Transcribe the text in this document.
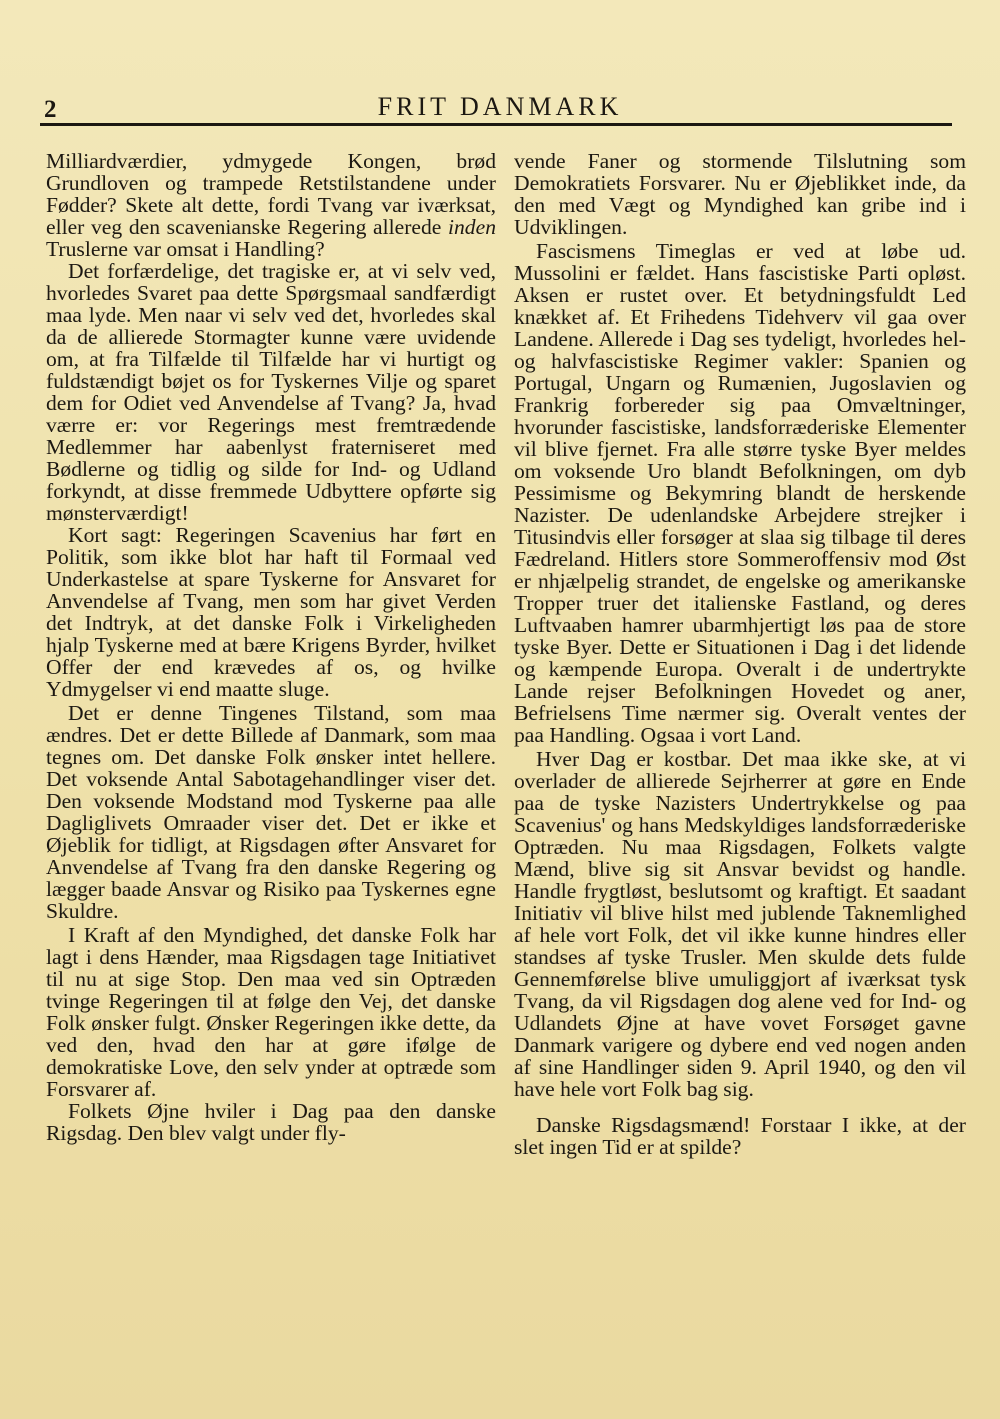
2	FRIT DANMARK

Milliardværdier, ydmygede Kongen, brød Grundloven og trampede Retstilstandene under Fødder? Skete alt dette, fordi Tvang var iværksat, eller veg den scavenianske Regering allerede inden Truslerne var omsat i Handling?

Det forfærdelige, det tragiske er, at vi selv ved, hvorledes Svaret paa dette Spørgsmaal sandfærdigt maa lyde. Men naar vi selv ved det, hvorledes skal da de allierede Stormagter kunne være uvidende om, at fra Tilfælde til Tilfælde har vi hurtigt og fuldstændigt bøjet os for Tyskernes Vilje og sparet dem for Odiet ved Anvendelse af Tvang? Ja, hvad værre er: vor Regerings mest fremtrædende Medlemmer har aabenlyst fraterniseret med Bødlerne og tidlig og silde for Ind- og Udland forkyndt, at disse fremmede Udbyttere opførte sig mønsterværdigt!

Kort sagt: Regeringen Scavenius har ført en Politik, som ikke blot har haft til Formaal ved Underkastelse at spare Tyskerne for Ansvaret for Anvendelse af Tvang, men som har givet Verden det Indtryk, at det danske Folk i Virkeligheden hjalp Tyskerne med at bære Krigens Byrder, hvilket Offer der end krævedes af os, og hvilke Ydmygelser vi end maatte sluge.

Det er denne Tingenes Tilstand, som maa ændres. Det er dette Billede af Danmark, som maa tegnes om. Det danske Folk ønsker intet hellere. Det voksende Antal Sabotagehandlinger viser det. Den voksende Modstand mod Tyskerne paa alle Dagliglivets Omraader viser det. Det er ikke et Øjeblik for tidligt, at Rigsdagen øfter Ansvaret for Anvendelse af Tvang fra den danske Regering og lægger baade Ansvar og Risiko paa Tyskernes egne Skuldre.

I Kraft af den Myndighed, det danske Folk har lagt i dens Hænder, maa Rigsdagen tage Initiativet til nu at sige Stop. Den maa ved sin Optræden tvinge Regeringen til at følge den Vej, det danske Folk ønsker fulgt. Ønsker Regeringen ikke dette, da ved den, hvad den har at gøre ifølge de demokratiske Love, den selv ynder at optræde som Forsvarer af.

Folkets Øjne hviler i Dag paa den danske Rigsdag. Den blev valgt under fly-

vende Faner og stormende Tilslutning som Demokratiets Forsvarer. Nu er Øjeblikket inde, da den med Vægt og Myndighed kan gribe ind i Udviklingen.

Fascismens Timeglas er ved at løbe ud. Mussolini er fældet. Hans fascistiske Parti opløst. Aksen er rustet over. Et betydningsfuldt Led knækket af. Et Frihedens Tidehverv vil gaa over Landene. Allerede i Dag ses tydeligt, hvorledes hel- og halvfascistiske Regimer vakler: Spanien og Portugal, Ungarn og Rumænien, Jugoslavien og Frankrig forbereder sig paa Omvæltninger, hvorunder fascistiske, landsforræderiske Elementer vil blive fjernet. Fra alle større tyske Byer meldes om voksende Uro blandt Befolkningen, om dyb Pessimisme og Bekymring blandt de herskende Nazister. De udenlandske Arbejdere strejker i Titusindvis eller forsøger at slaa sig tilbage til deres Fædreland. Hitlers store Sommeroffensiv mod Øst er nhjælpelig strandet, de engelske og amerikanske Tropper truer det italienske Fastland, og deres Luftvaaben hamrer ubarmhjertigt løs paa de store tyske Byer. Dette er Situationen i Dag i det lidende og kæmpende Europa. Overalt i de undertrykte Lande rejser Befolkningen Hovedet og aner, Befrielsens Time nærmer sig. Overalt ventes der paa Handling. Ogsaa i vort Land.

Hver Dag er kostbar. Det maa ikke ske, at vi overlader de allierede Sejrherrer at gøre en Ende paa de tyske Nazisters Undertrykkelse og paa Scavenius' og hans Medskyldiges landsforræderiske Optræden. Nu maa Rigsdagen, Folkets valgte Mænd, blive sig sit Ansvar bevidst og handle. Handle frygtløst, beslutsomt og kraftigt. Et saadant Initiativ vil blive hilst med jublende Taknemlighed af hele vort Folk, det vil ikke kunne hindres eller standses af tyske Trusler. Men skulde dets fulde Gennemførelse blive umuliggjort af iværksat tysk Tvang, da vil Rigsdagen dog alene ved for Ind- og Udlandets Øjne at have vovet Forsøget gavne Danmark varigere og dybere end ved nogen anden af sine Handlinger siden 9. April 1940, og den vil have hele vort Folk bag sig.

Danske Rigsdagsmænd! Forstaar I ikke, at der slet ingen Tid er at spilde?
